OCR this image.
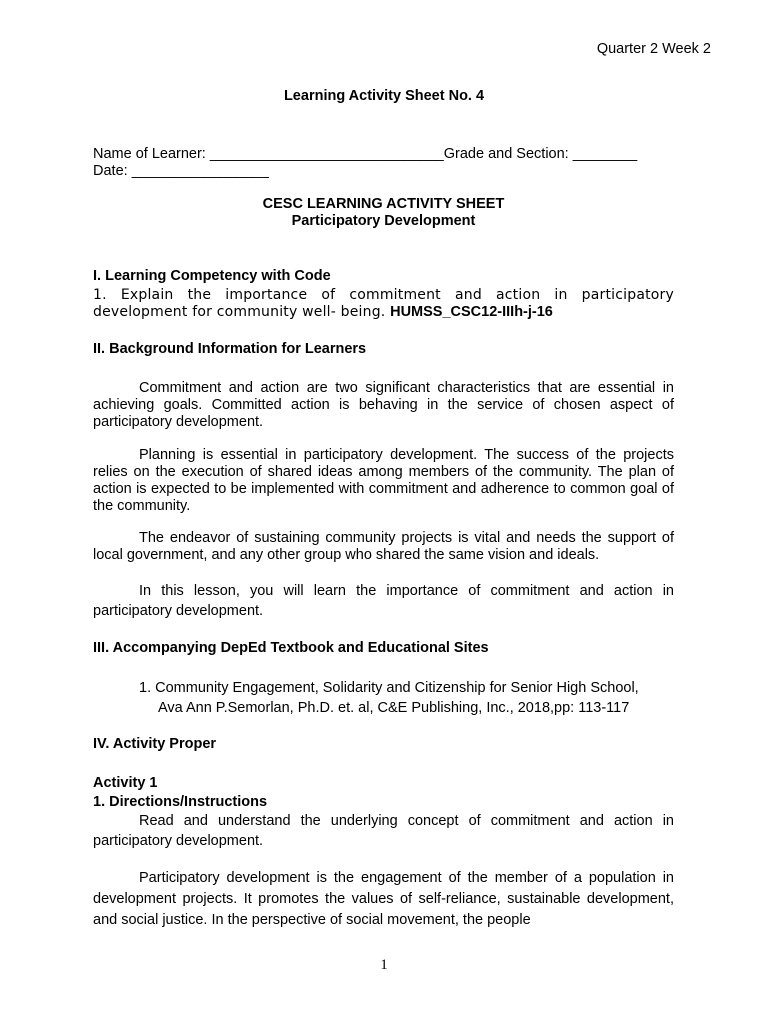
Quarter 2 Week 2
Learning Activity Sheet No. 4
Name of Learner: _____________________________Grade and Section: ________
Date: _________________
CESC LEARNING ACTIVITY SHEET
Participatory Development
I. Learning Competency with Code
1. Explain the importance of commitment and action in participatory development for community well- being. HUMSS_CSC12-IIIh-j-16
II. Background Information for Learners
Commitment and action are two significant characteristics that are essential in achieving goals. Committed action is behaving in the service of chosen aspect of participatory development.
Planning is essential in participatory development. The success of the projects relies on the execution of shared ideas among members of the community. The plan of action is expected to be implemented with commitment and adherence to common goal of the community.
The endeavor of sustaining community projects is vital and needs the support of local government, and any other group who shared the same vision and ideals.
In this lesson, you will learn the importance of commitment and action in participatory development.
III. Accompanying DepEd Textbook and Educational Sites
1. Community Engagement, Solidarity and Citizenship for Senior High School,
Ava Ann P.Semorlan, Ph.D. et. al, C&E Publishing, Inc., 2018,pp: 113-117
IV. Activity Proper
Activity 1
1. Directions/Instructions
Read and understand the underlying concept of commitment and action in participatory development.
Participatory development is the engagement of the member of a population in development projects. It promotes the values of self-reliance, sustainable development, and social justice. In the perspective of social movement, the people
1
